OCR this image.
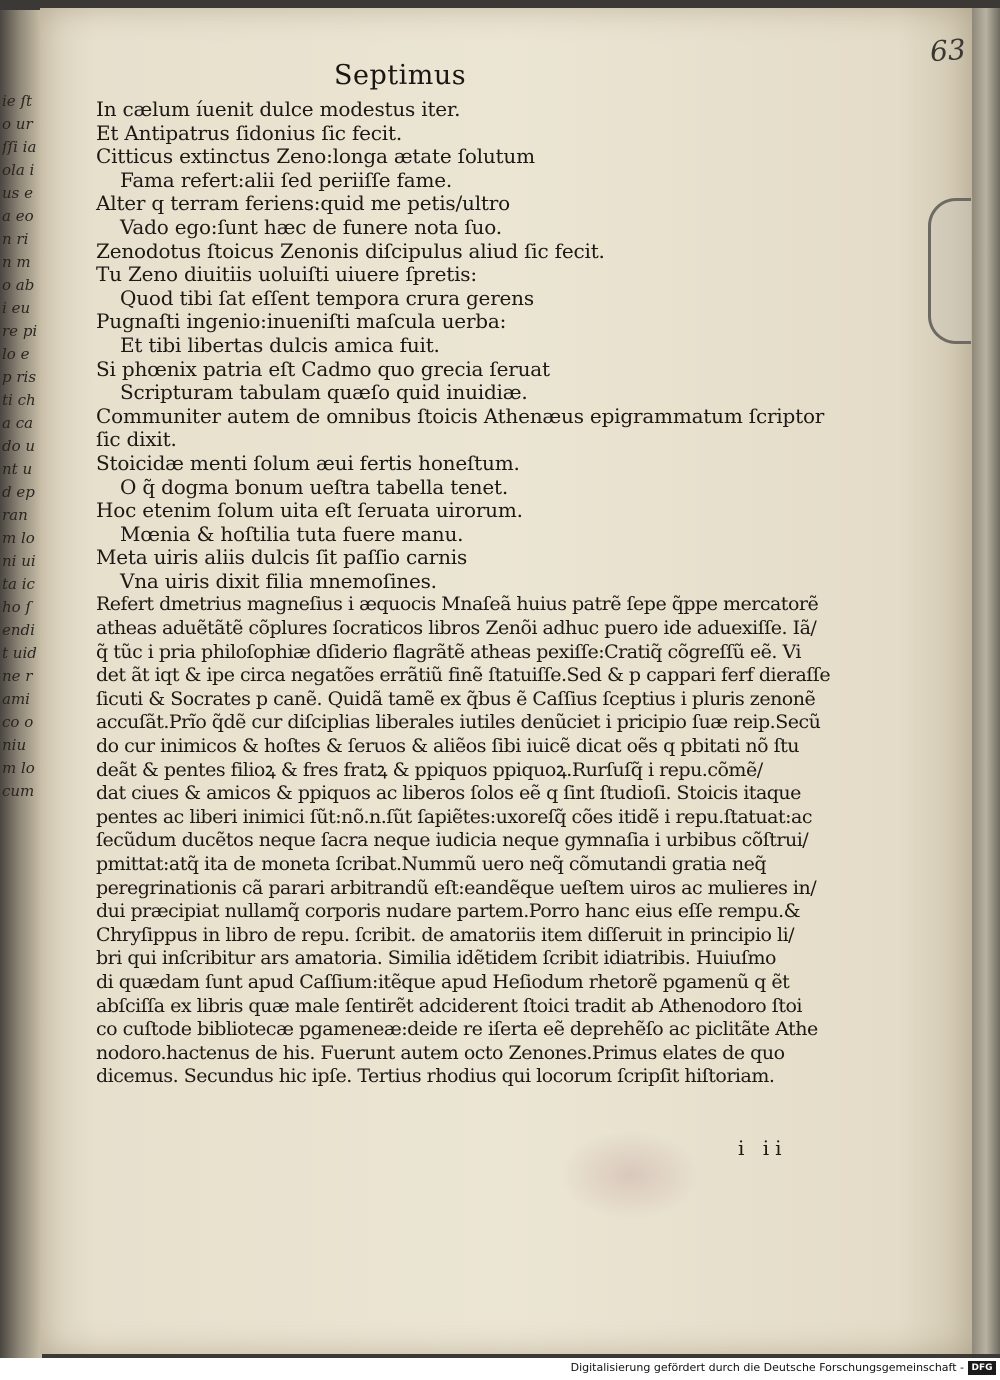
ie ſto ur ſſi ia ola ius ea eon rin mo abi eu re pilo ep ris ti cha ca do unt ud ep ran m loni uita icho ſendit uid ne ramico onium locum
63
Septimus
In cælum íuenit dulce modestus iter.
Et Antipatrus ſidonius ſic fecit.
Citticus extinctus Zeno:longa ætate ſolutum
Fama refert:alii ſed periiſſe fame.
Alter q terram feriens:quid me petis/ultro
Vado ego:ſunt hæc de funere nota ſuo.
Zenodotus ſtoicus Zenonis diſcipulus aliud ſic fecit.
Tu Zeno diuitiis uoluiſti uiuere ſpretis:
Quod tibi ſat eſſent tempora crura gerens
Pugnaſti ingenio:inueniſti maſcula uerba:
Et tibi libertas dulcis amica fuit.
Si phœnix patria eſt Cadmo quo grecia ſeruat
Scripturam tabulam quæſo quid inuidiæ.
Communiter autem de omnibus ſtoicis Athenæus epigrammatum ſcriptor
ſic dixit.
Stoicidæ menti ſolum æui fertis honeſtum.
O q̃ dogma bonum ueſtra tabella tenet.
Hoc etenim ſolum uita eſt ſeruata uirorum.
Mœnia & hoſtilia tuta fuere manu.
Meta uiris aliis dulcis ſit paſſio carnis
Vna uiris dixit filia mnemoſines.
Refert dmetrius magneſius i æquocis Mnaſeã huius patrẽ ſepe q̃ppe mercatorẽ
atheas aduẽtãtẽ cõplures ſocraticos libros Zenõi adhuc puero ide aduexiſſe. Iã/
q̃ tũc i pria philoſophiæ dſiderio flagrãtẽ atheas pexiſſe:Cratiq̃ cõgreſſũ eẽ. Vi
det ãt iqt & ipe circa negatões errãtiũ finẽ ſtatuiſſe.Sed & p cappari ferf dieraſſe
ſicuti & Socrates p canẽ. Quidã tamẽ ex q̃bus ẽ Caſſius ſceptius i pluris zenonẽ
accuſãt.Prĩo q̃dẽ cur diſciplias liberales iutiles denũciet i pricipio ſuæ reip.Secũ
do cur inimicos & hoſtes & ſeruos & aliẽos ſibi iuicẽ dicat oẽs q pbitati nõ ſtu
deãt & pentes filioꝝ & fres fratꝝ & ppiquos ppiquoꝝ.Rurſuſq̃ i repu.cõmẽ/
dat ciues & amicos & ppiquos ac liberos ſolos eẽ q ſint ſtudioſi. Stoicis itaque
pentes ac liberi inimici ſũt:nõ.n.ſũt ſapiẽtes:uxoreſq̃ cões itidẽ i repu.ſtatuat:ac
ſecũdum ducẽtos neque ſacra neque iudicia neque gymnaſia i urbibus cõſtrui/
pmittat:atq̃ ita de moneta ſcribat.Nummũ uero neq̃ cõmutandi gratia neq̃
peregrinationis cã parari arbitrandũ eſt:eandẽque ueſtem uiros ac mulieres in/
dui præcipiat nullamq̃ corporis nudare partem.Porro hanc eius eſſe rempu.&
Chryſippus in libro de repu. ſcribit. de amatoriis item diſſeruit in principio li/
bri qui inſcribitur ars amatoria. Similia idẽtidem ſcribit idiatribis. Huiuſmo
di quædam ſunt apud Caſſium:itẽque apud Heſiodum rhetorẽ pgamenũ q ẽt
abſciſſa ex libris quæ male ſentirẽt adciderent ſtoici tradit ab Athenodoro ſtoi
co cuſtode bibliotecæ pgameneæ:deide re iſerta eẽ deprehẽſo ac piclitãte Athe
nodoro.hactenus de his. Fuerunt autem octo Zenones.Primus elates de quo
dicemus. Secundus hic ipſe. Tertius rhodius qui locorum ſcripſit hiſtoriam.
i ii
Digitalisierung gefördert durch die Deutsche Forschungsgemeinschaft - DFG
